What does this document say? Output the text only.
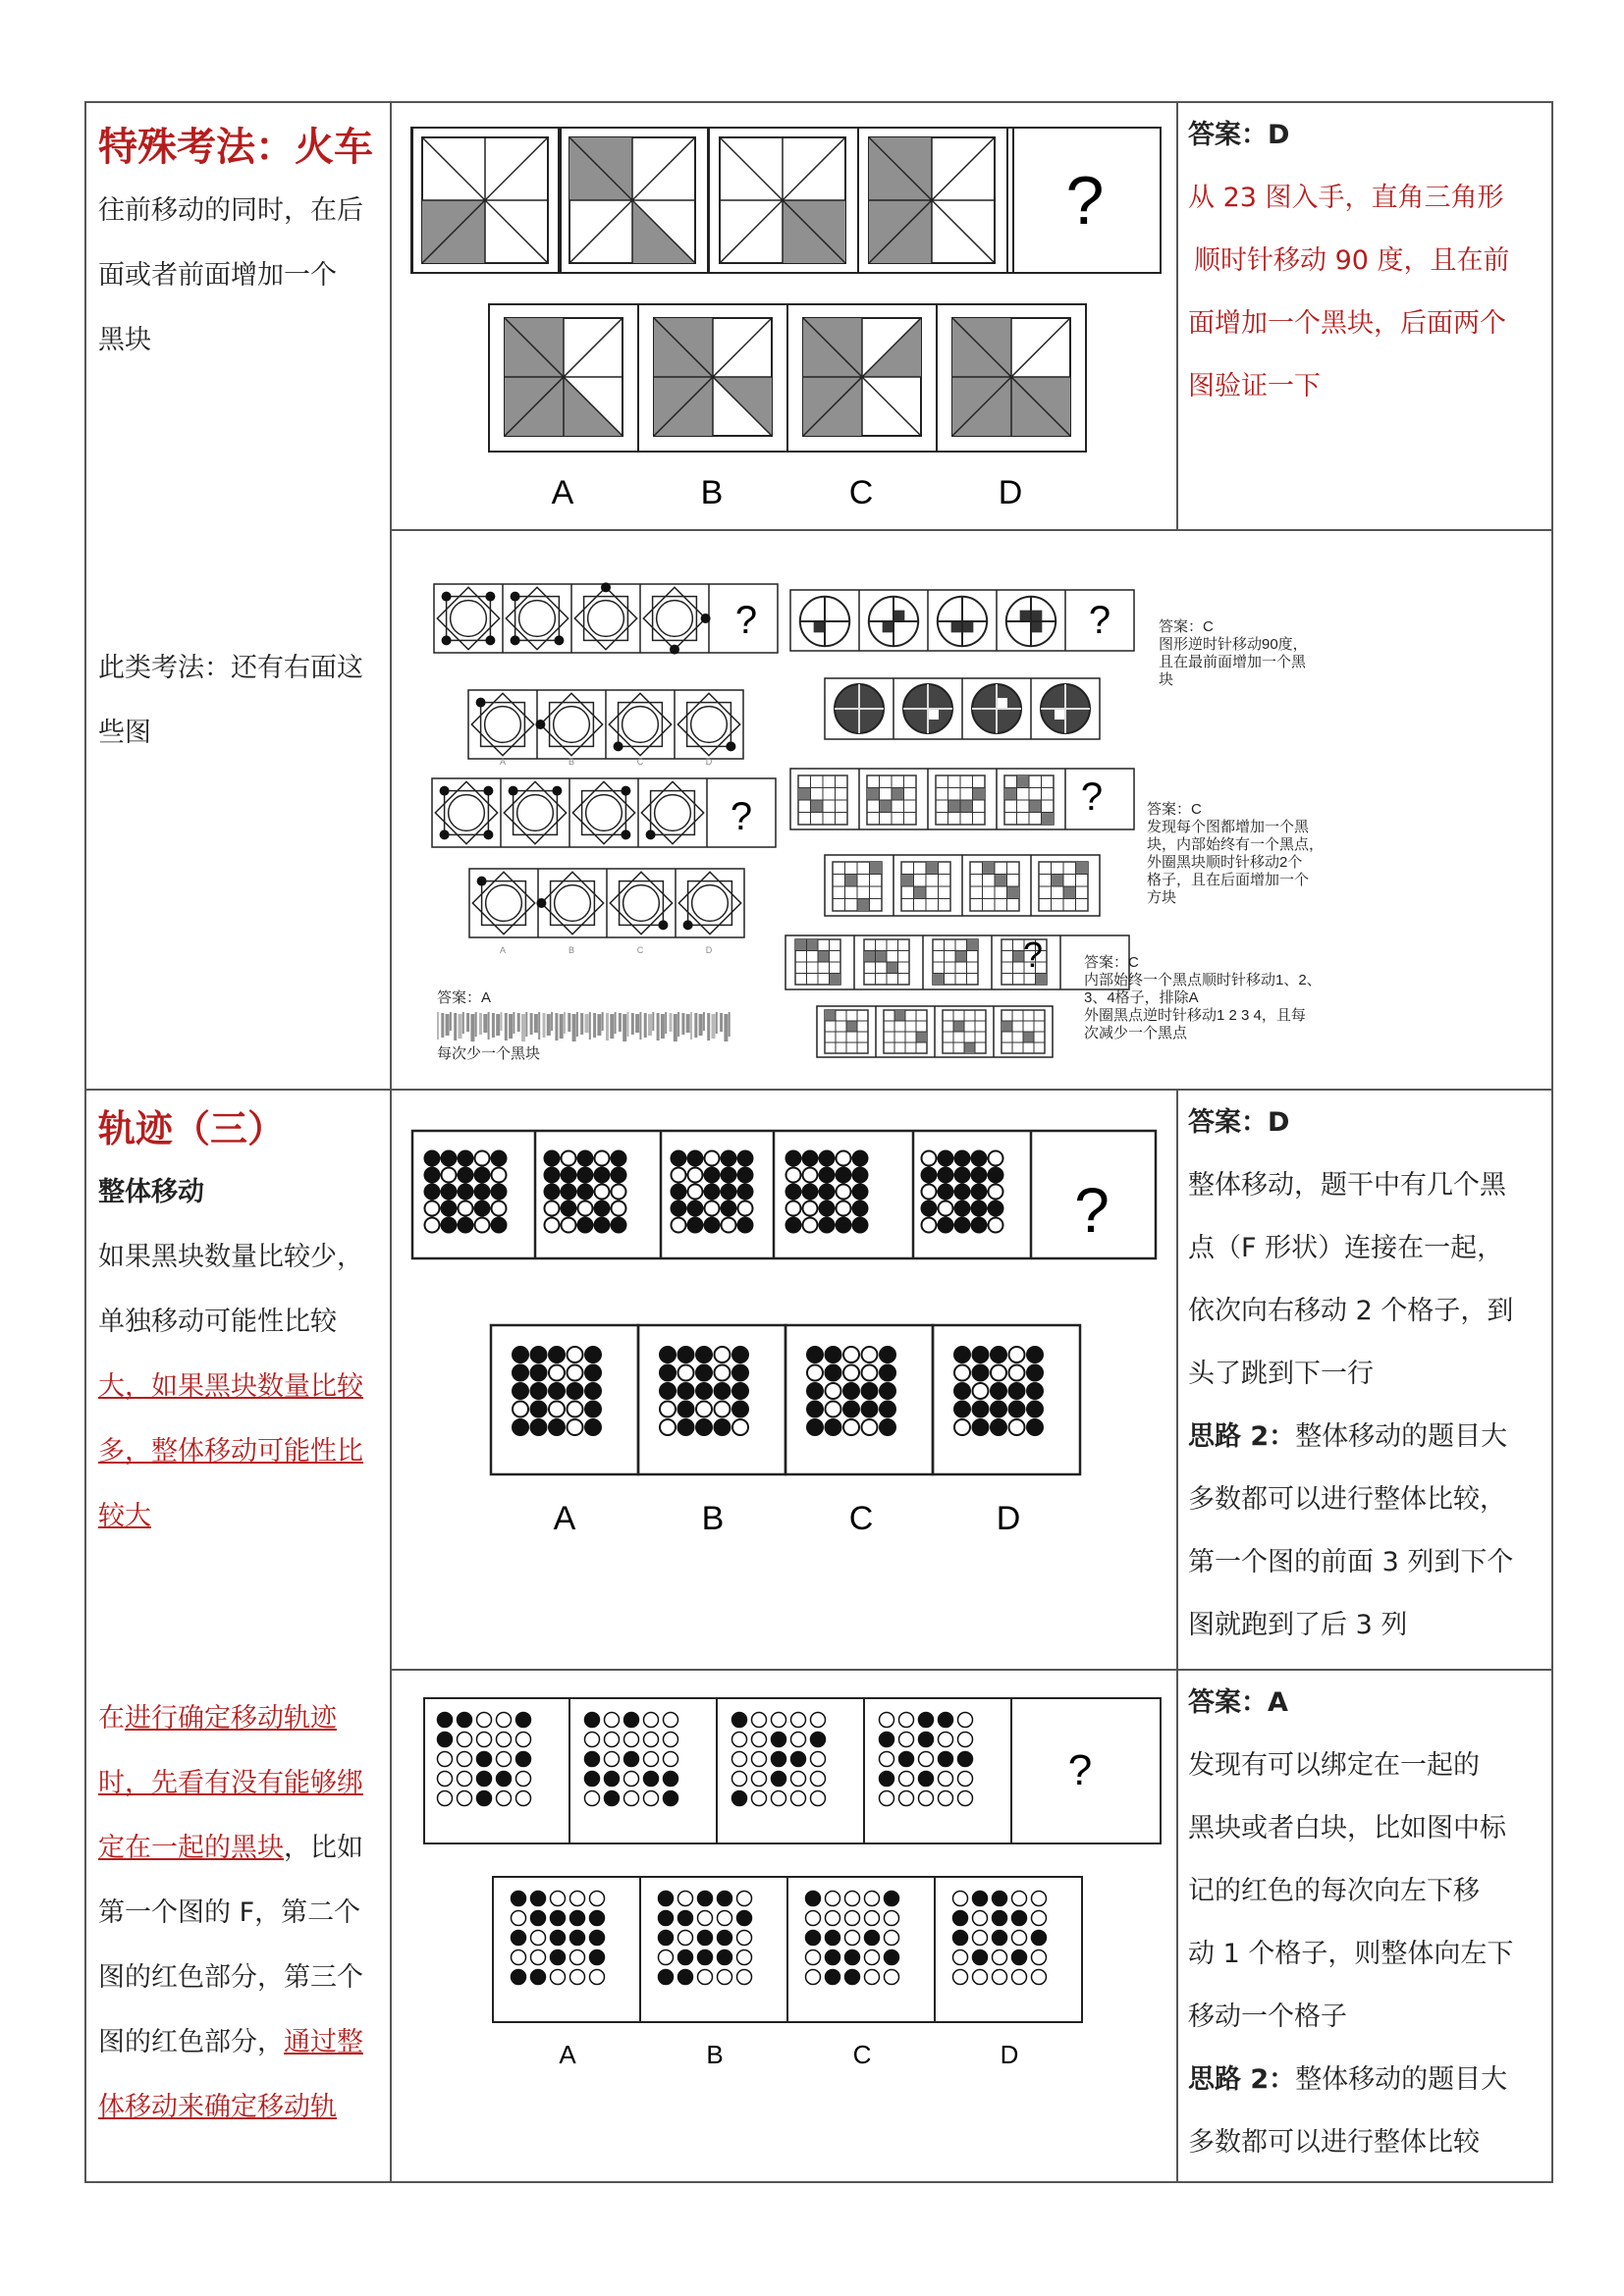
特殊考法：火车

往前移动的同时，在后

面或者前面增加一个

黑块

此类考法：还有右面这

些图

?
A	B	C	D

答案：D

从 23 图入手，直角三角形

顺时针移动 90 度，且在前

面增加一个黑块，后面两个

图验证一下

?	?
?	?
?
A	B	C	D
A	B	C	D
答案：A
每次少一个黑块
答案：C
图形逆时针移动90度，
且在最前面增加一个黑
块
答案：C
发现每个图都增加一个黑
块，内部始终有一个黑点，
外圈黑块顺时针移动2个
格子，且在后面增加一个
方块
答案：C
内部始终一个黑点顺时针移动1、2、
3、4格子，排除A
外圈黑点逆时针移动1 2 3 4，且每
次减少一个黑点
轨迹（三）

整体移动

如果黑块数量比较少，

单独移动可能性比较

大，如果黑块数量比较

多，整体移动可能性比

较大

在进行确定移动轨迹

时，先看有没有能够绑

定在一起的黑块，比如

第一个图的 F，第二个

图的红色部分，第三个

图的红色部分，通过整

体移动来确定移动轨

?
A	B	C	D

答案：D

整体移动，题干中有几个黑

点（F 形状）连接在一起，

依次向右移动 2 个格子，到

头了跳到下一行

思路 2：整体移动的题目大

多数都可以进行整体比较，

第一个图的前面 3 列到下个

图就跑到了后 3 列

?
A	B	C	D

答案：A

发现有可以绑定在一起的

黑块或者白块，比如图中标

记的红色的每次向左下移

动 1 个格子，则整体向左下

移动一个格子

思路 2：整体移动的题目大

多数都可以进行整体比较
